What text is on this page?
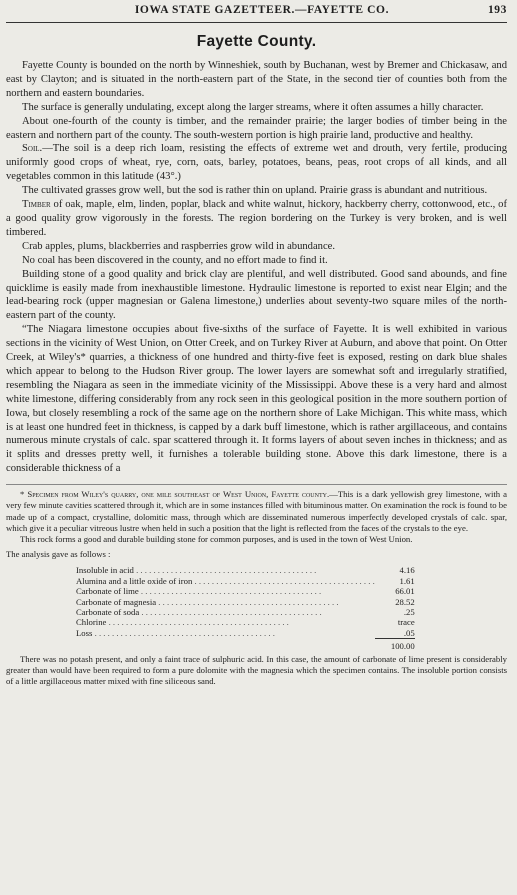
IOWA STATE GAZETTEER.—FAYETTE CO.	193
Fayette County.

Fayette County is bounded on the north by Winneshiek, south by Buchanan, west by Bremer and Chickasaw, and east by Clayton; and is situated in the north-eastern part of the State, in the second tier of counties both from the northern and eastern boundaries.

The surface is generally undulating, except along the larger streams, where it often assumes a hilly character.

About one-fourth of the county is timber, and the remainder prairie; the larger bodies of timber being in the eastern and northern part of the county. The south-western portion is high prairie land, productive and healthy.

Soil.—The soil is a deep rich loam, resisting the effects of extreme wet and drouth, very fertile, producing uniformly good crops of wheat, rye, corn, oats, barley, potatoes, beans, peas, root crops of all kinds, and all vegetables common in this latitude (43°.)

The cultivated grasses grow well, but the sod is rather thin on upland. Prairie grass is abundant and nutritious.

Timber of oak, maple, elm, linden, poplar, black and white walnut, hickory, hackberry cherry, cottonwood, etc., of a good quality grow vigorously in the forests. The region bordering on the Turkey is very broken, and is well timbered.

Crab apples, plums, blackberries and raspberries grow wild in abundance.

No coal has been discovered in the county, and no effort made to find it.

Building stone of a good quality and brick clay are plentiful, and well distributed. Good sand abounds, and fine quicklime is easily made from inexhaustible limestone. Hydraulic limestone is reported to exist near Elgin; and the lead-bearing rock (upper magnesian or Galena limestone,) underlies about seventy-two square miles of the north-eastern part of the county.

“The Niagara limestone occupies about five-sixths of the surface of Fayette. It is well exhibited in various sections in the vicinity of West Union, on Otter Creek, and on Turkey River at Auburn, and above that point. On Otter Creek, at Wiley's* quarries, a thickness of one hundred and thirty-five feet is exposed, resting on dark blue shales which appear to belong to the Hudson River group. The lower layers are somewhat soft and irregularly stratified, resembling the Niagara as seen in the immediate vicinity of the Mississippi. Above these is a very hard and almost white limestone, differing considerably from any rock seen in this geological position in the more southern portion of Iowa, but closely resembling a rock of the same age on the northern shore of Lake Michigan. This white mass, which is at least one hundred feet in thickness, is capped by a dark buff limestone, which is rather argillaceous, and contains numerous minute crystals of calc. spar scattered through it. It forms layers of about seven inches in thickness; and as it splits and dresses pretty well, it furnishes a tolerable building stone. Above this dark limestone, there is a considerable thickness of a

* Specimen from Wiley's quarry, one mile southeast of West Union, Fayette county.—This is a dark yellowish grey limestone, with a very few minute cavities scattered through it, which are in some instances filled with bituminous matter. On examination the rock is found to be made up of a compact, crystalline, dolomitic mass, through which are disseminated numerous imperfectly developed crystals of calc. spar, which give it a peculiar vitreous lustre when held in such a position that the light is reflected from the faces of the crystals to the eye.

This rock forms a good and durable building stone for common purposes, and is used in the town of West Union.

The analysis gave as follows :

Insoluble in acid . . . . . . . . . . . . . . . . . . . . . . . . . . . . . . . . . . . . . . . . . .	4.16
Alumina and a little oxide of iron . . . . . . . . . . . . . . . . . . . . . . . . . . . . . . . . . . . . . . . . . .	1.61
Carbonate of lime . . . . . . . . . . . . . . . . . . . . . . . . . . . . . . . . . . . . . . . . . .	66.01
Carbonate of magnesia . . . . . . . . . . . . . . . . . . . . . . . . . . . . . . . . . . . . . . . . . .	28.52
Carbonate of soda . . . . . . . . . . . . . . . . . . . . . . . . . . . . . . . . . . . . . . . . . .	.25
Chlorine . . . . . . . . . . . . . . . . . . . . . . . . . . . . . . . . . . . . . . . . . .	trace
Loss . . . . . . . . . . . . . . . . . . . . . . . . . . . . . . . . . . . . . . . . . .	.05
	100.00

There was no potash present, and only a faint trace of sulphuric acid. In this case, the amount of carbonate of lime present is considerably greater than would have been required to form a pure dolomite with the magnesia which the specimen contains. The insoluble portion consists of a little argillaceous matter mixed with fine siliceous sand.
